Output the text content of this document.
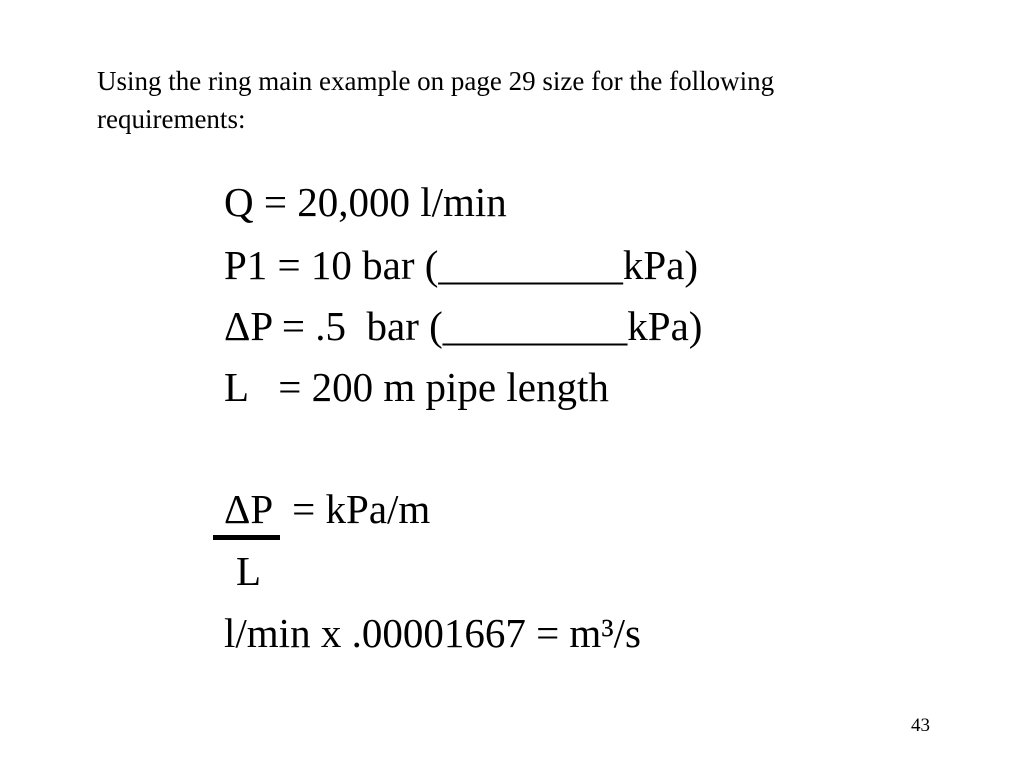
Using the ring main example on page 29 size for the following requirements:
Q = 20,000 l/min
P1 = 10 bar (_________kPa)
ΔP = .5  bar (_________kPa)
L   = 200 m pipe length
ΔP  = kPa/m
L
l/min x .00001667 = m³/s
43
